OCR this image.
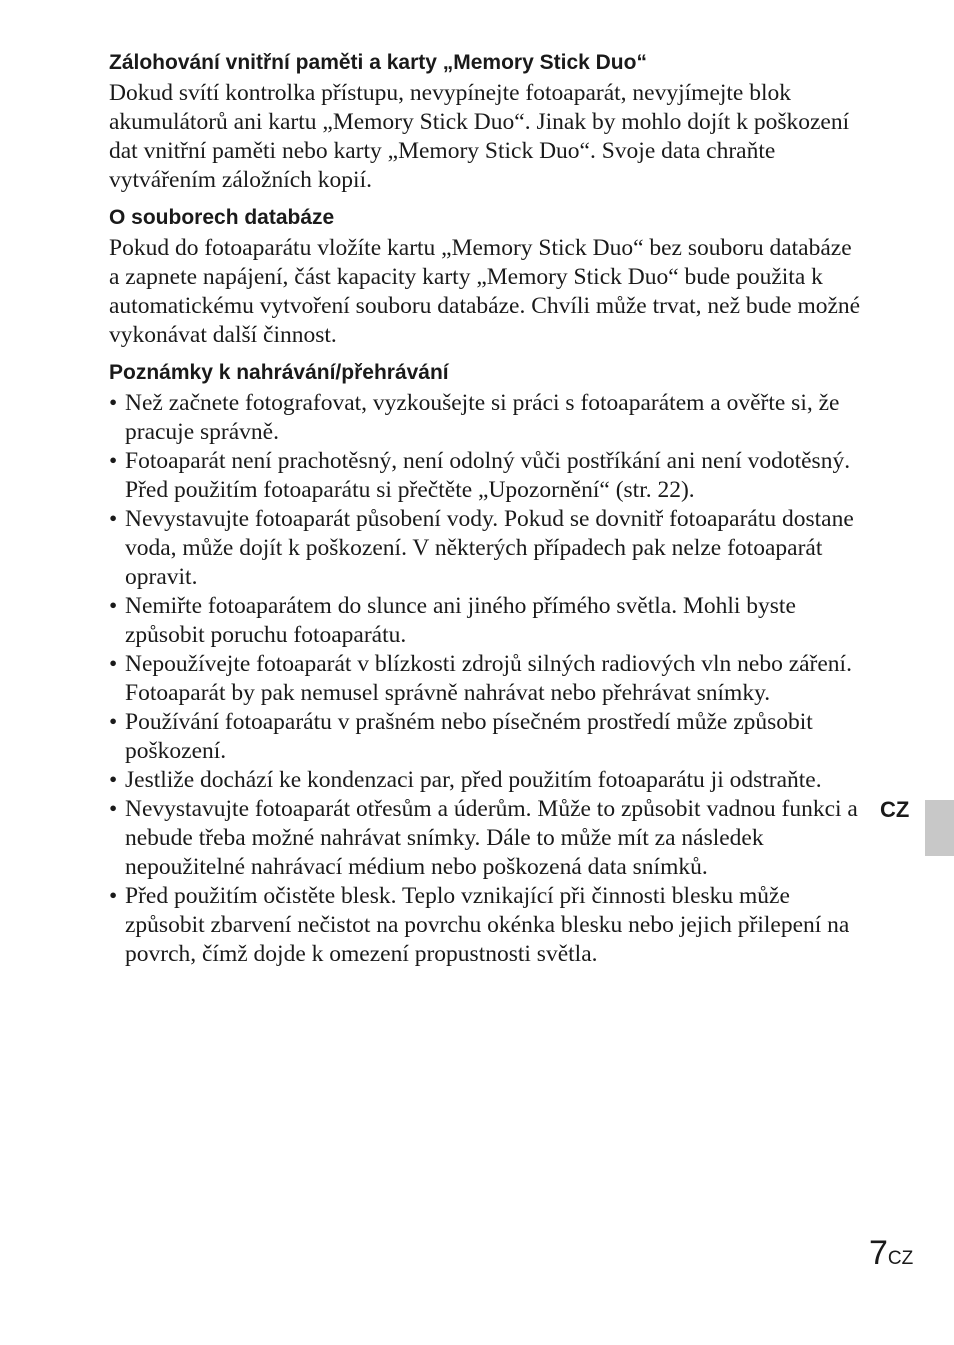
Zálohování vnitřní paměti a karty „Memory Stick Duo“

Dokud svítí kontrolka přístupu, nevypínejte fotoaparát, nevyjímejte blok akumulátorů ani kartu „Memory Stick Duo“. Jinak by mohlo dojít k poškození dat vnitřní paměti nebo karty „Memory Stick Duo“. Svoje data chraňte vytvářením záložních kopií.

O souborech databáze

Pokud do fotoaparátu vložíte kartu „Memory Stick Duo“ bez souboru databáze a zapnete napájení, část kapacity karty „Memory Stick Duo“ bude použita k automatickému vytvoření souboru databáze. Chvíli může trvat, než bude možné vykonávat další činnost.

Poznámky k nahrávání/přehrávání
• Než začnete fotografovat, vyzkoušejte si práci s fotoaparátem a ověřte si, že pracuje správně.
• Fotoaparát není prachotěsný, není odolný vůči postříkání ani není vodotěsný. Před použitím fotoaparátu si přečtěte „Upozornění“ (str. 22).
• Nevystavujte fotoaparát působení vody. Pokud se dovnitř fotoaparátu dostane voda, může dojít k poškození. V některých případech pak nelze fotoaparát opravit.
• Nemiřte fotoaparátem do slunce ani jiného přímého světla. Mohli byste způsobit poruchu fotoaparátu.
• Nepoužívejte fotoaparát v blízkosti zdrojů silných radiových vln nebo záření. Fotoaparát by pak nemusel správně nahrávat nebo přehrávat snímky.
• Používání fotoaparátu v prašném nebo písečném prostředí může způsobit poškození.
• Jestliže dochází ke kondenzaci par, před použitím fotoaparátu ji odstraňte.
• Nevystavujte fotoaparát otřesům a úderům. Může to způsobit vadnou funkci a nebude třeba možné nahrávat snímky. Dále to může mít za následek nepoužitelné nahrávací médium nebo poškozená data snímků.
• Před použitím očistěte blesk. Teplo vznikající při činnosti blesku může způsobit zbarvení nečistot na povrchu okénka blesku nebo jejich přilepení na povrch, čímž dojde k omezení propustnosti světla.
CZ
$7^{CZ}$
